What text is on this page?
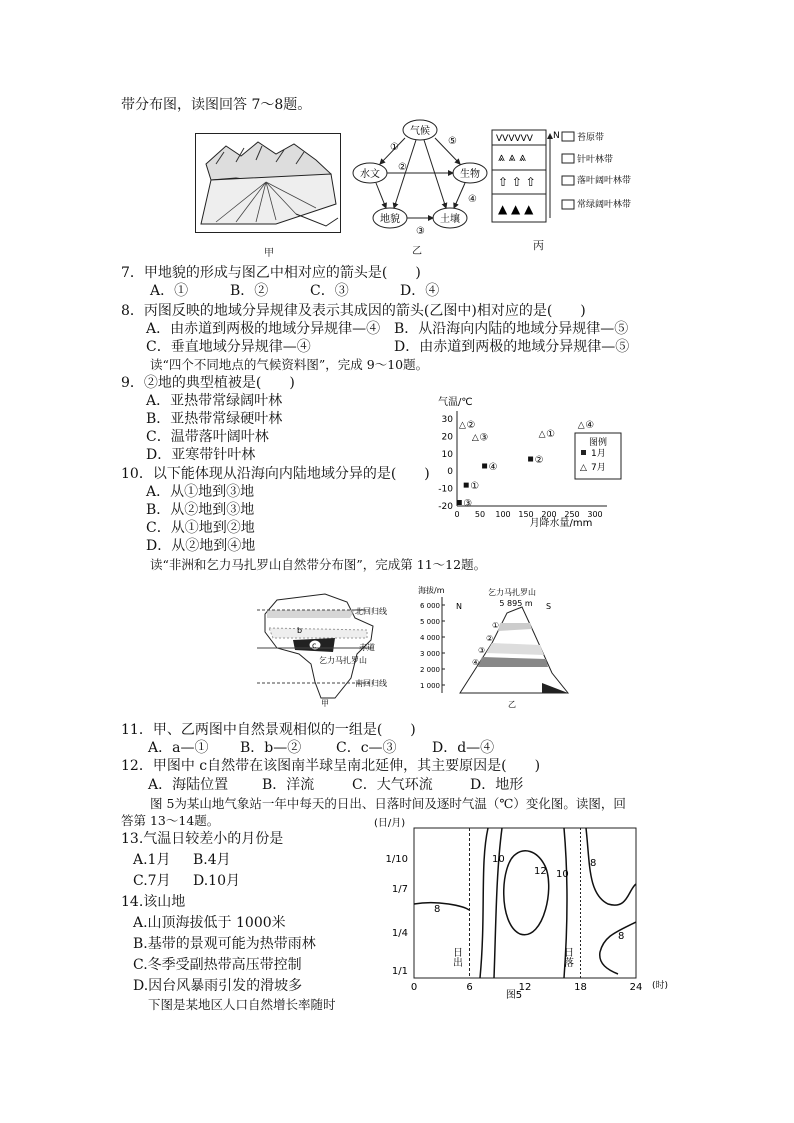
带分布图，读图回答 7～8题。
甲
气候
水文	生物
地貌	土壤
①
②
③
④
⑤
乙
ᐯᐯᐯᐯᐯᐯ
⩓ ⩓ ⩓
⇧ ⇧ ⇧
▲ ▲ ▲
N 苔原带
针叶林带
落叶阔叶林带
常绿阔叶林带
丙
7．甲地貌的形成与图乙中相对应的箭头是(　　)
A．①	B．②	C．③	D．④
8．丙图反映的地域分异规律及表示其成因的箭头(乙图中)相对应的是(　　)
A．由赤道到两极的地域分异规律—④ B．从沿海向内陆的地域分异规律—⑤
C．垂直地域分异规律—④	D．由赤道到两极的地域分异规律—⑤
读“四个不同地点的气候资料图”，完成 9～10题。
9．②地的典型植被是(　　)
A．亚热带常绿阔叶林
B．亚热带常绿硬叶林
C．温带落叶阔叶林
D．亚寒带针叶林
10．以下能体现从沿海向内陆地域分异的是(　　)
A．从①地到③地
B．从②地到③地
C．从①地到②地
D．从②地到④地
气温/℃
30
20
10
0
-10
-20
0 50 100 150 200 250 300
①
△ ①
②
△ ②
③
△ ③
④
△ ④
图例
1月
△ 7月
月降水量/mm
读“非洲和乞力马扎罗山自然带分布图”，完成第 11～12题。
c
b
北回归线
赤道
南回归线
乞力马扎罗山
甲
海拔/m
6 000
5 000
4 000
3 000
2 000
1 000
N	S
乞力马扎罗山
5 895 m
①
②
③
④
乙
11．甲、乙两图中自然景观相似的一组是(　　)
A．a—① B．b—② C．c—③	D．d—④
12．甲图中 c自然带在该图南半球呈南北延伸，其主要原因是(　　)
A．海陆位置 B．洋流	C．大气环流	D．地形
图 5为某山地气象站一年中每天的日出、日落时间及逐时气温（℃）变化图。读图，回
答第 13～14题。
13.气温日较差小的月份是
A.1月 B.4月
C.7月 D.10月
14.该山地
A.山顶海拔低于 1000米
B.基带的景观可能为热带雨林
C.冬季受副热带高压带控制
D.因台风暴雨引发的滑坡多
下图是某地区人口自然增长率随时
(日/月)
1/10
1/7
1/4
1/1
0	6	12	18	24
8
10
12 10
8
8
日出	日落
(时)
图5
